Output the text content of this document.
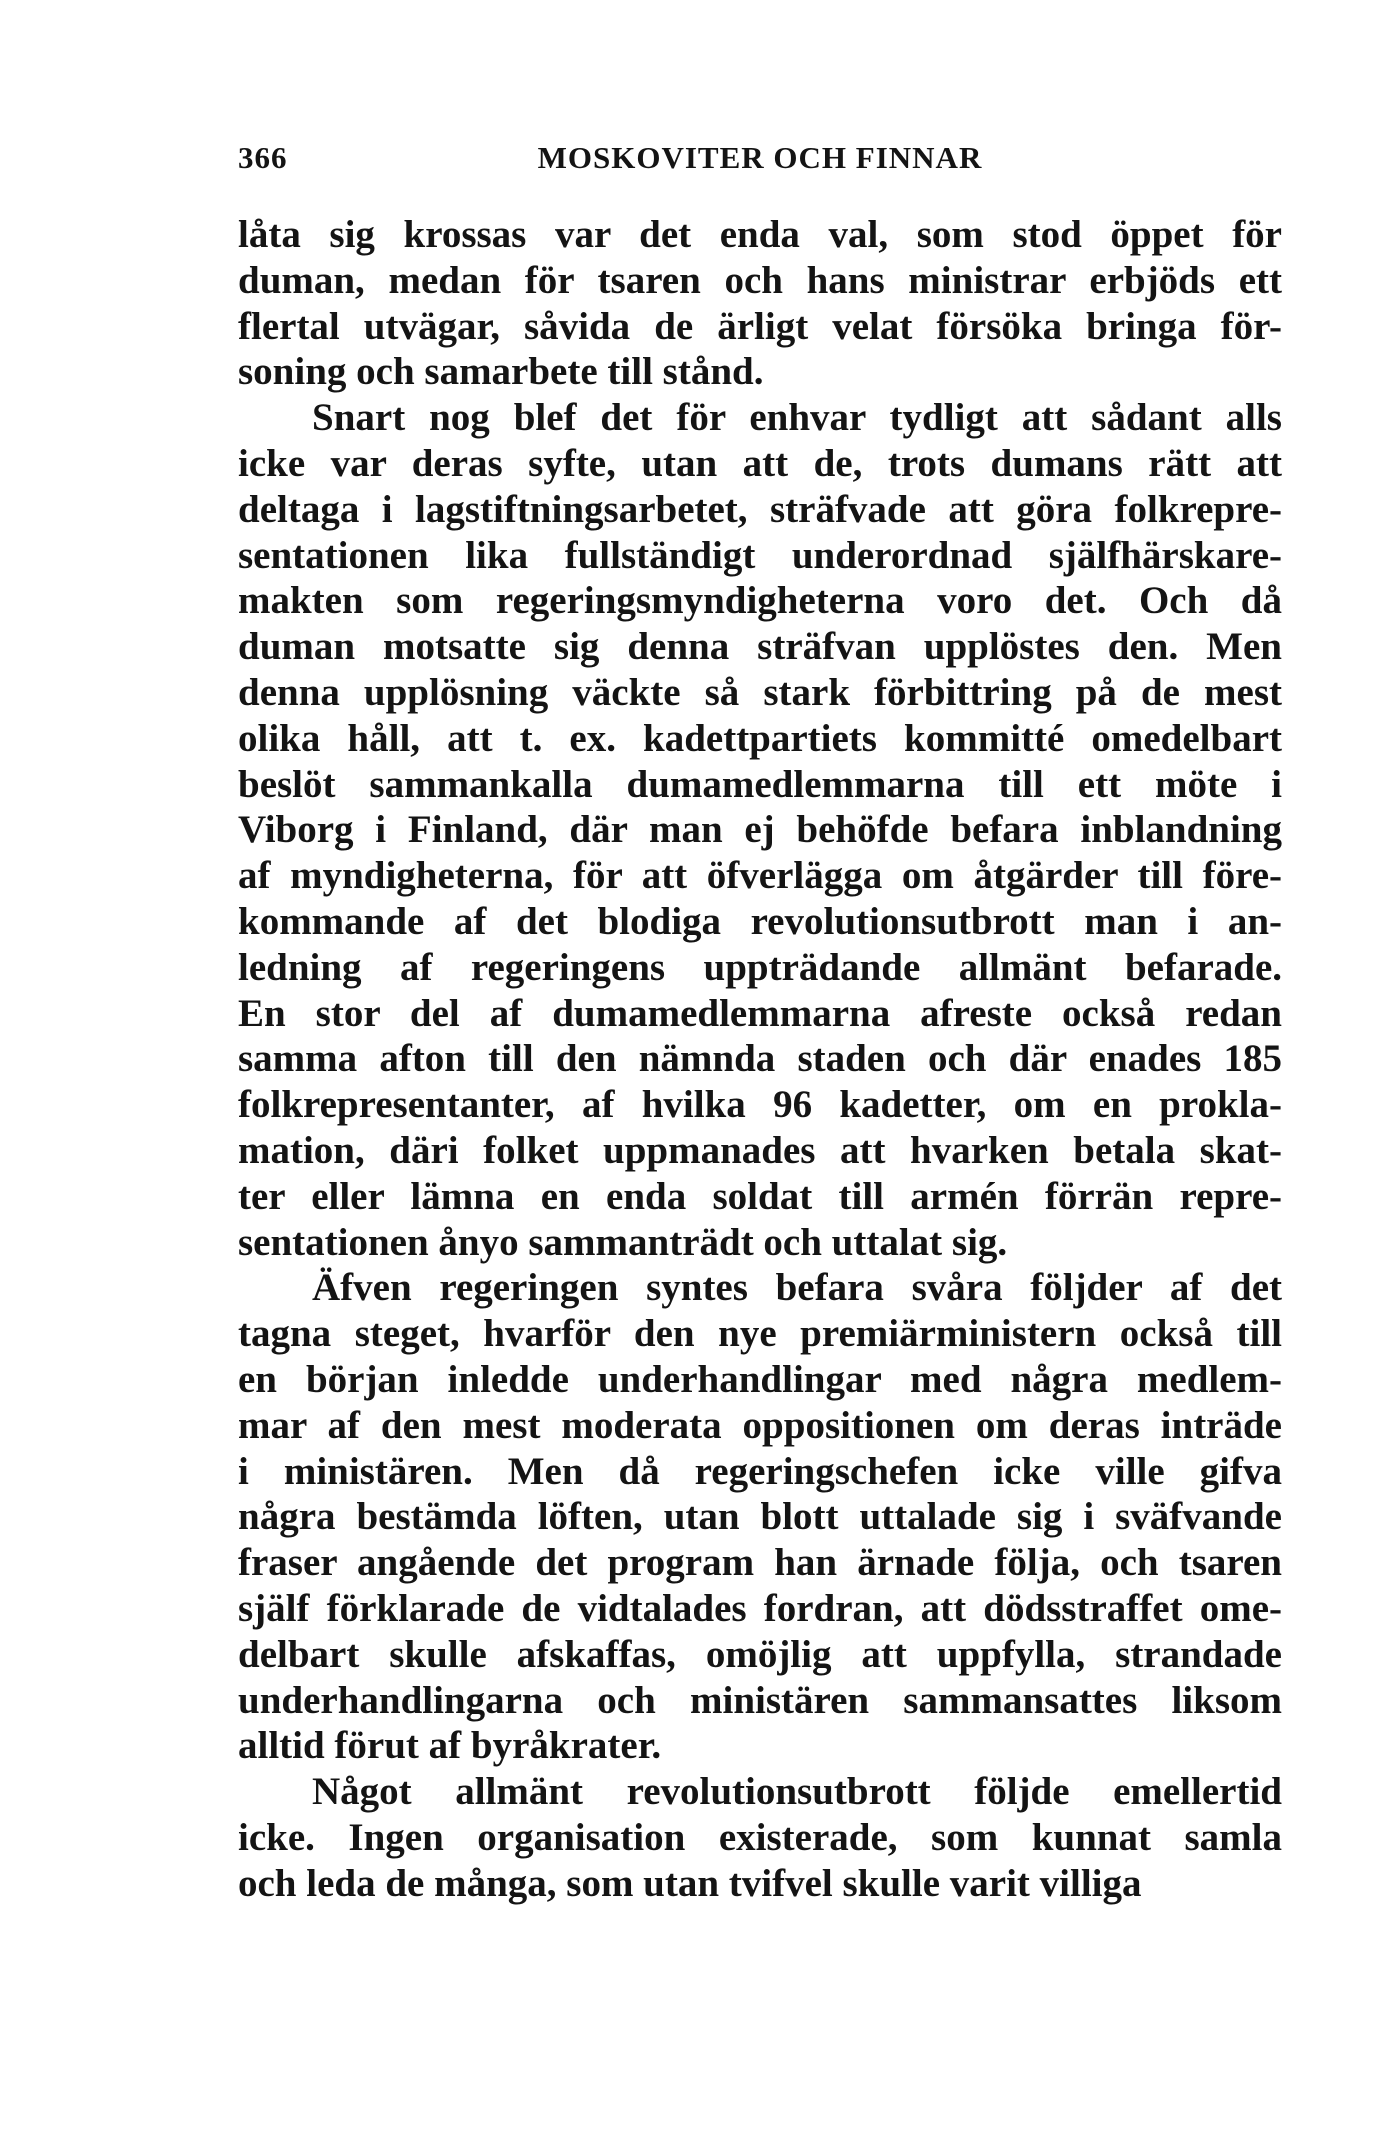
366	MOSKOVITER OCH FINNAR
låta sig krossas var det enda val, som stod öppet för
duman, medan för tsaren och hans ministrar erbjöds ett
flertal utvägar, såvida de ärligt velat försöka bringa för-
soning och samarbete till stånd.
Snart nog blef det för enhvar tydligt att sådant alls
icke var deras syfte, utan att de, trots dumans rätt att
deltaga i lagstiftningsarbetet, sträfvade att göra folkrepre-
sentationen lika fullständigt underordnad själfhärskare-
makten som regeringsmyndigheterna voro det. Och då
duman motsatte sig denna sträfvan upplöstes den. Men
denna upplösning väckte så stark förbittring på de mest
olika håll, att t. ex. kadettpartiets kommitté omedelbart
beslöt sammankalla dumamedlemmarna till ett möte i
Viborg i Finland, där man ej behöfde befara inblandning
af myndigheterna, för att öfverlägga om åtgärder till före-
kommande af det blodiga revolutionsutbrott man i an-
ledning af regeringens uppträdande allmänt befarade.
En stor del af dumamedlemmarna afreste också redan
samma afton till den nämnda staden och där enades 185
folkrepresentanter, af hvilka 96 kadetter, om en prokla-
mation, däri folket uppmanades att hvarken betala skat-
ter eller lämna en enda soldat till armén förrän repre-
sentationen ånyo sammanträdt och uttalat sig.
Äfven regeringen syntes befara svåra följder af det
tagna steget, hvarför den nye premiärministern också till
en början inledde underhandlingar med några medlem-
mar af den mest moderata oppositionen om deras inträde
i ministären. Men då regeringschefen icke ville gifva
några bestämda löften, utan blott uttalade sig i sväfvande
fraser angående det program han ärnade följa, och tsaren
själf förklarade de vidtalades fordran, att dödsstraffet ome-
delbart skulle afskaffas, omöjlig att uppfylla, strandade
underhandlingarna och ministären sammansattes liksom
alltid förut af byråkrater.
Något allmänt revolutionsutbrott följde emellertid
icke. Ingen organisation existerade, som kunnat samla
och leda de många, som utan tvifvel skulle varit villiga
